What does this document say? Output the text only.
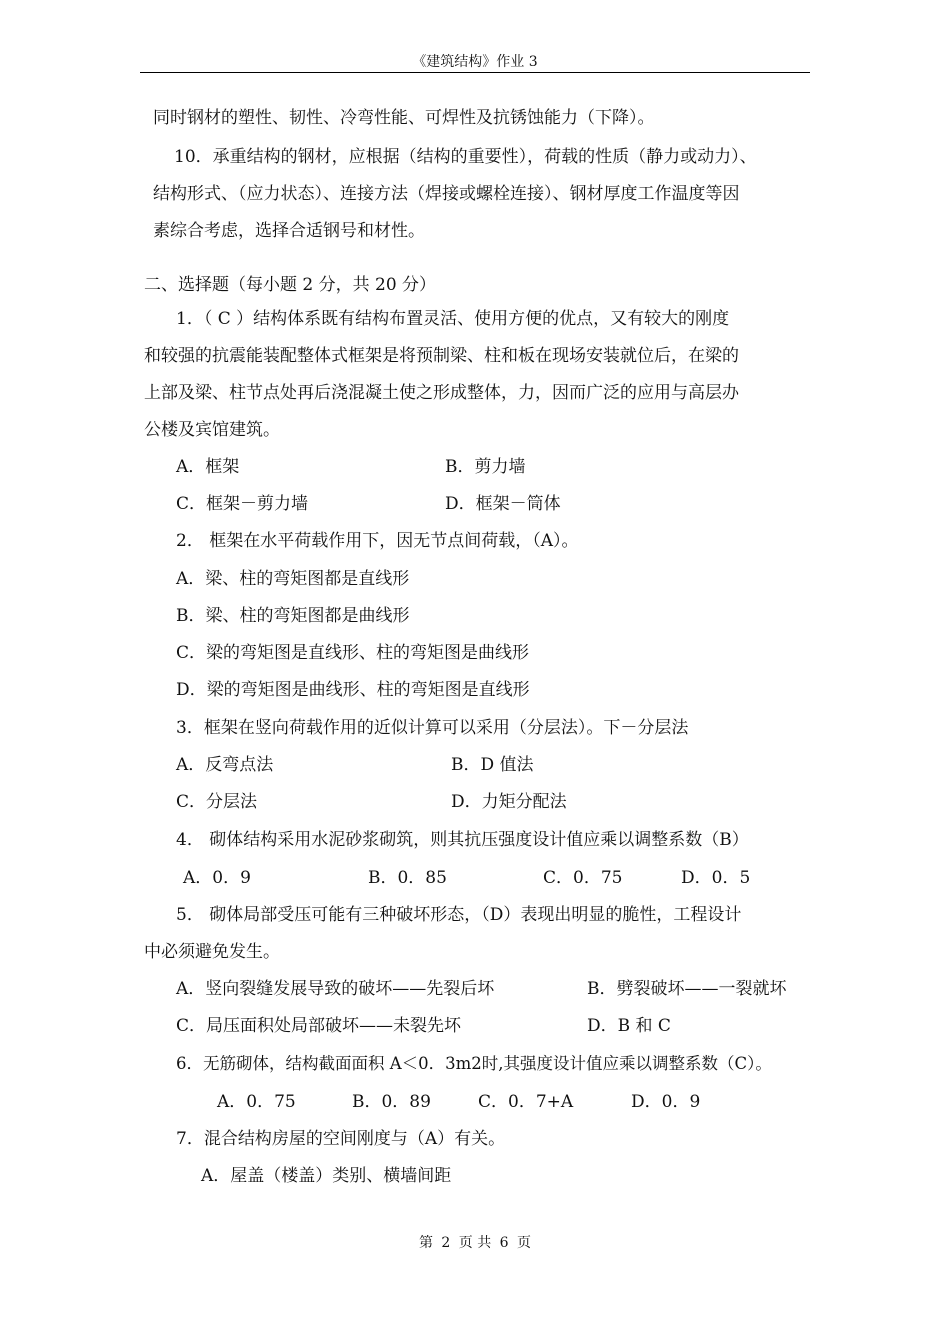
《建筑结构》作业 3
同时钢材的塑性、韧性、冷弯性能、可焊性及抗锈蚀能力（下降）。
10．承重结构的钢材，应根据（结构的重要性），荷载的性质（静力或动力）、
结构形式、（应力状态）、连接方法（焊接或螺栓连接）、钢材厚度工作温度等因
素综合考虑，选择合适钢号和材性。
二、选择题（每小题 2 分，共 20 分）
1．（ C ）结构体系既有结构布置灵活、使用方便的优点，又有较大的刚度
和较强的抗震能装配整体式框架是将预制梁、柱和板在现场安装就位后，在梁的
上部及梁、柱节点处再后浇混凝土使之形成整体，力，因而广泛的应用与高层办
公楼及宾馆建筑。
A．框架	B．剪力墙
C．框架－剪力墙	D．框架－筒体
2． 框架在水平荷载作用下，因无节点间荷载，（A）。
A．梁、柱的弯矩图都是直线形
B．梁、柱的弯矩图都是曲线形
C．梁的弯矩图是直线形、柱的弯矩图是曲线形
D．梁的弯矩图是曲线形、柱的弯矩图是直线形
3．框架在竖向荷载作用的近似计算可以采用（分层法）。下－分层法
A．反弯点法	B．D 值法
C．分层法	D．力矩分配法
4． 砌体结构采用水泥砂浆砌筑，则其抗压强度设计值应乘以调整系数（B）
A．0．9	B．0．85	C．0．75	D．0．5
5． 砌体局部受压可能有三种破坏形态，（D）表现出明显的脆性，工程设计
中必须避免发生。
A．竖向裂缝发展导致的破坏——先裂后坏	B．劈裂破坏——一裂就坏
C．局压面积处局部破坏——未裂先坏	D．B 和 C
6．无筋砌体，结构截面面积 A＜0．3m2时,其强度设计值应乘以调整系数（C）。
A．0．75	B．0．89	C．0．7+A	D．0．9
7．混合结构房屋的空间刚度与（A）有关。
A．屋盖（楼盖）类别、横墙间距
第 2 页 共 6 页
